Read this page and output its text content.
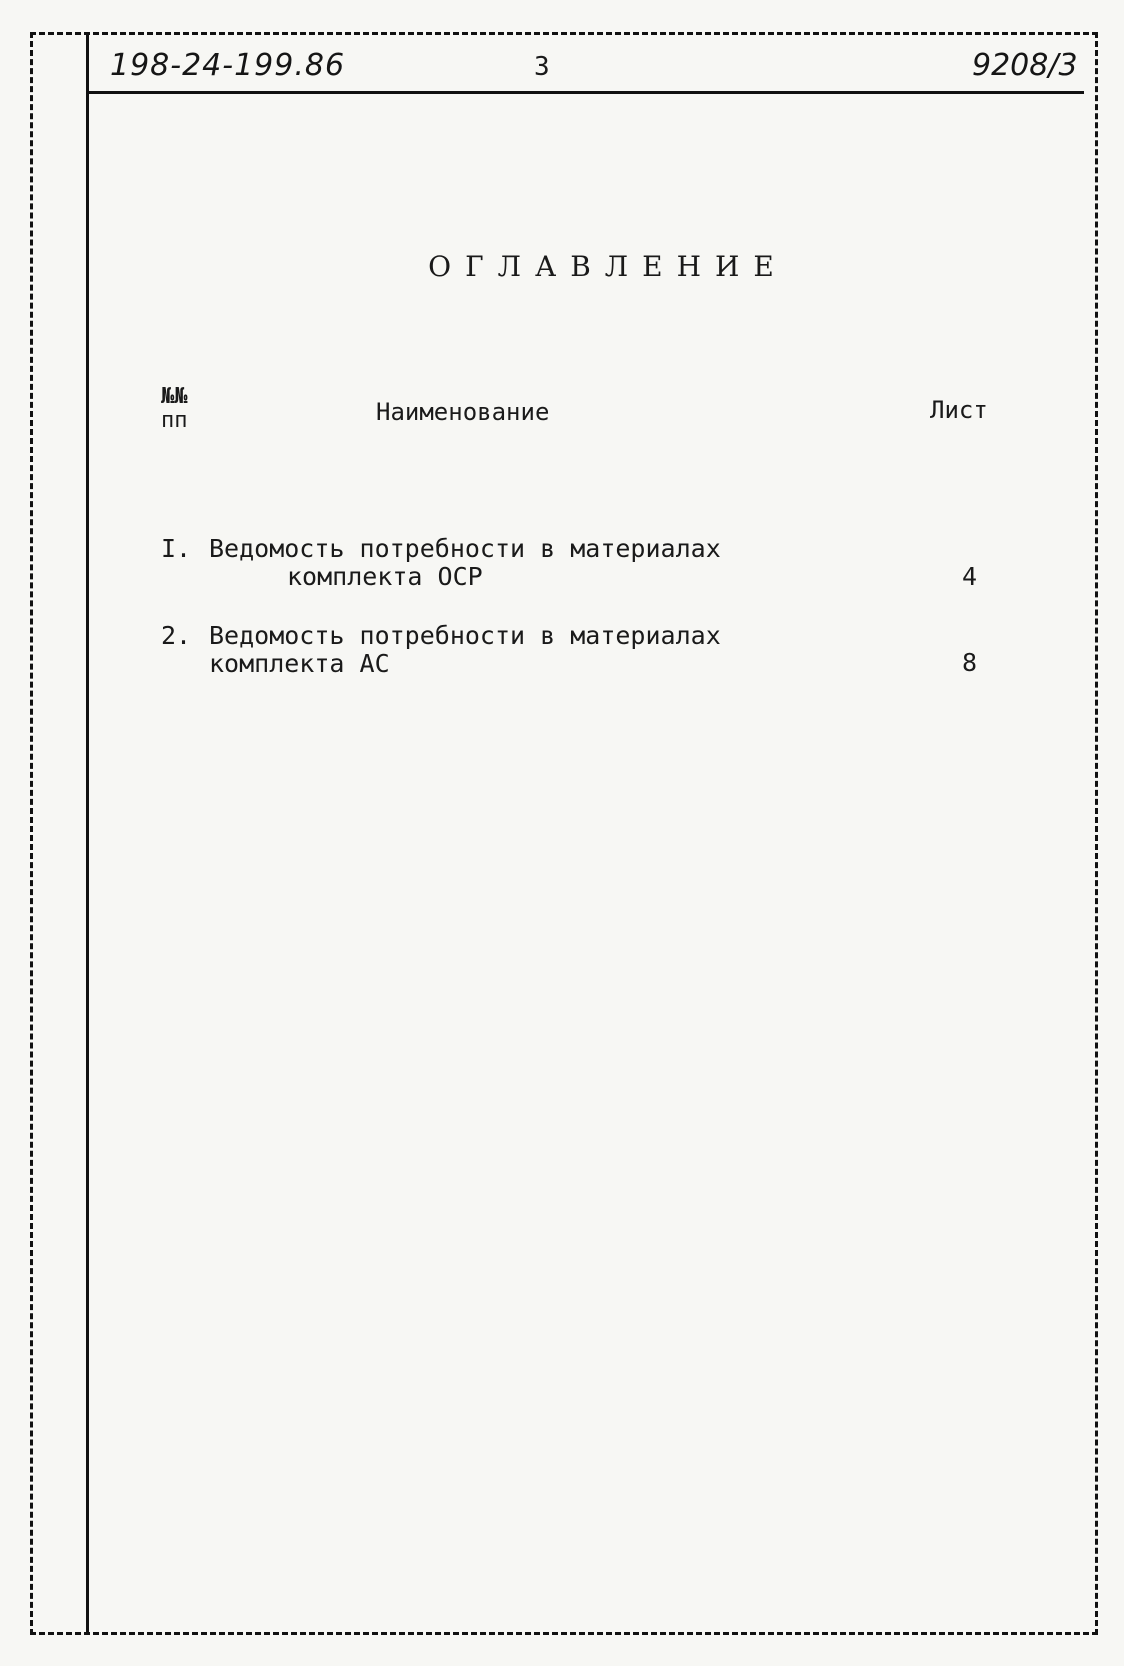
198-24-199.86	3	9208/3
ОГЛАВЛЕНИЕ
№№
пп	Наименование	Лист
I. Ведомость потребности в материалах
комплекта ОСР	4
2. Ведомость потребности в материалах
комплекта АС	8
